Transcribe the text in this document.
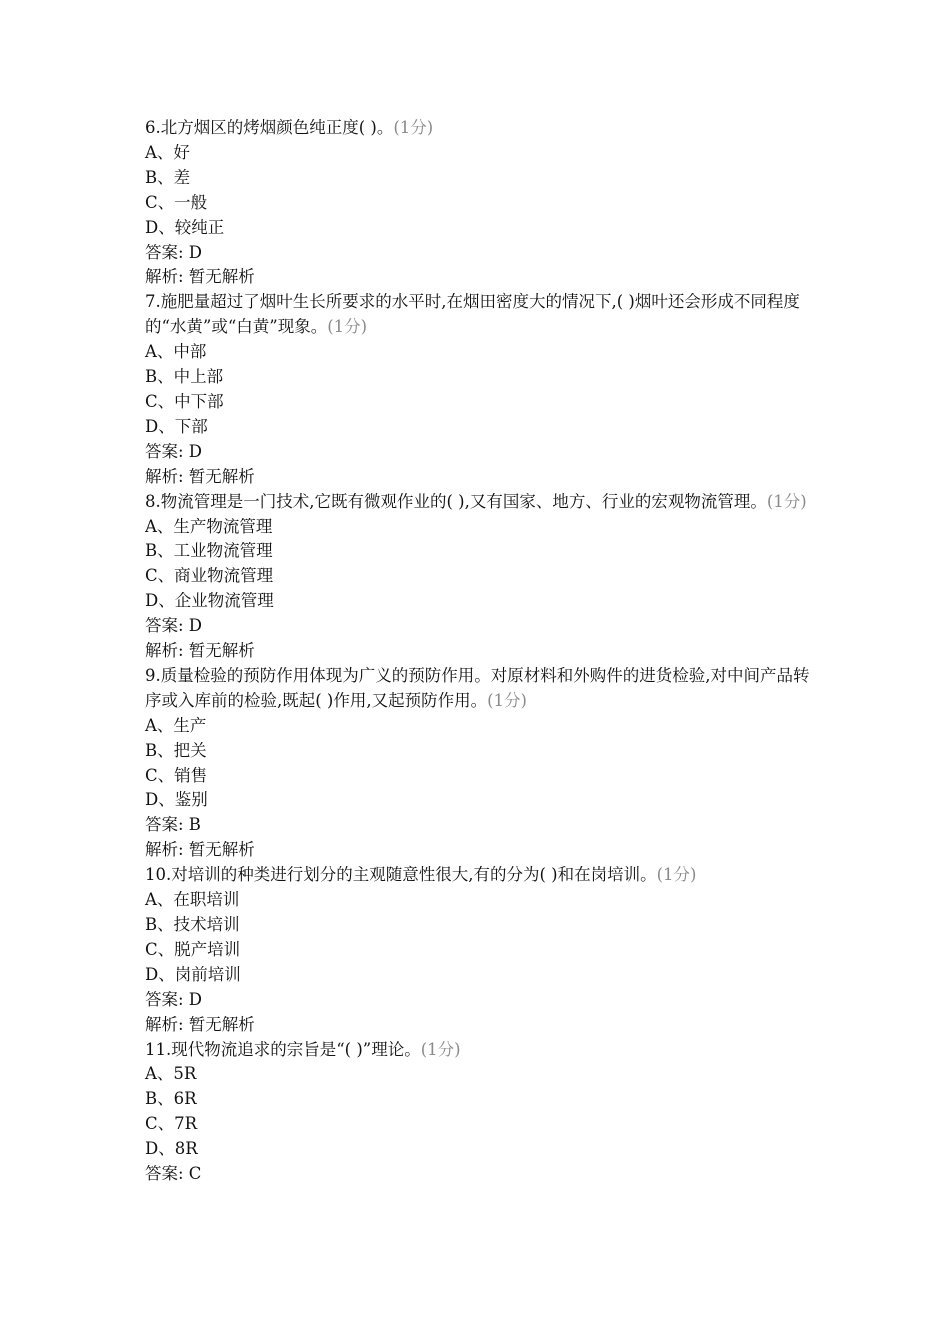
6.北方烟区的烤烟颜色纯正度( )。(1分)
A、好
B、差
C、一般
D、较纯正
答案: D
解析: 暂无解析
7.施肥量超过了烟叶生长所要求的水平时,在烟田密度大的情况下,( )烟叶还会形成不同程度的“水黄”或“白黄”现象。(1分)
A、中部
B、中上部
C、中下部
D、下部
答案: D
解析: 暂无解析
8.物流管理是一门技术,它既有微观作业的( ),又有国家、地方、行业的宏观物流管理。(1分)
A、生产物流管理
B、工业物流管理
C、商业物流管理
D、企业物流管理
答案: D
解析: 暂无解析
9.质量检验的预防作用体现为广义的预防作用。对原材料和外购件的进货检验,对中间产品转序或入库前的检验,既起( )作用,又起预防作用。(1分)
A、生产
B、把关
C、销售
D、鉴别
答案: B
解析: 暂无解析
10.对培训的种类进行划分的主观随意性很大,有的分为( )和在岗培训。(1分)
A、在职培训
B、技术培训
C、脱产培训
D、岗前培训
答案: D
解析: 暂无解析
11.现代物流追求的宗旨是“( )”理论。(1分)
A、5R
B、6R
C、7R
D、8R
答案: C
